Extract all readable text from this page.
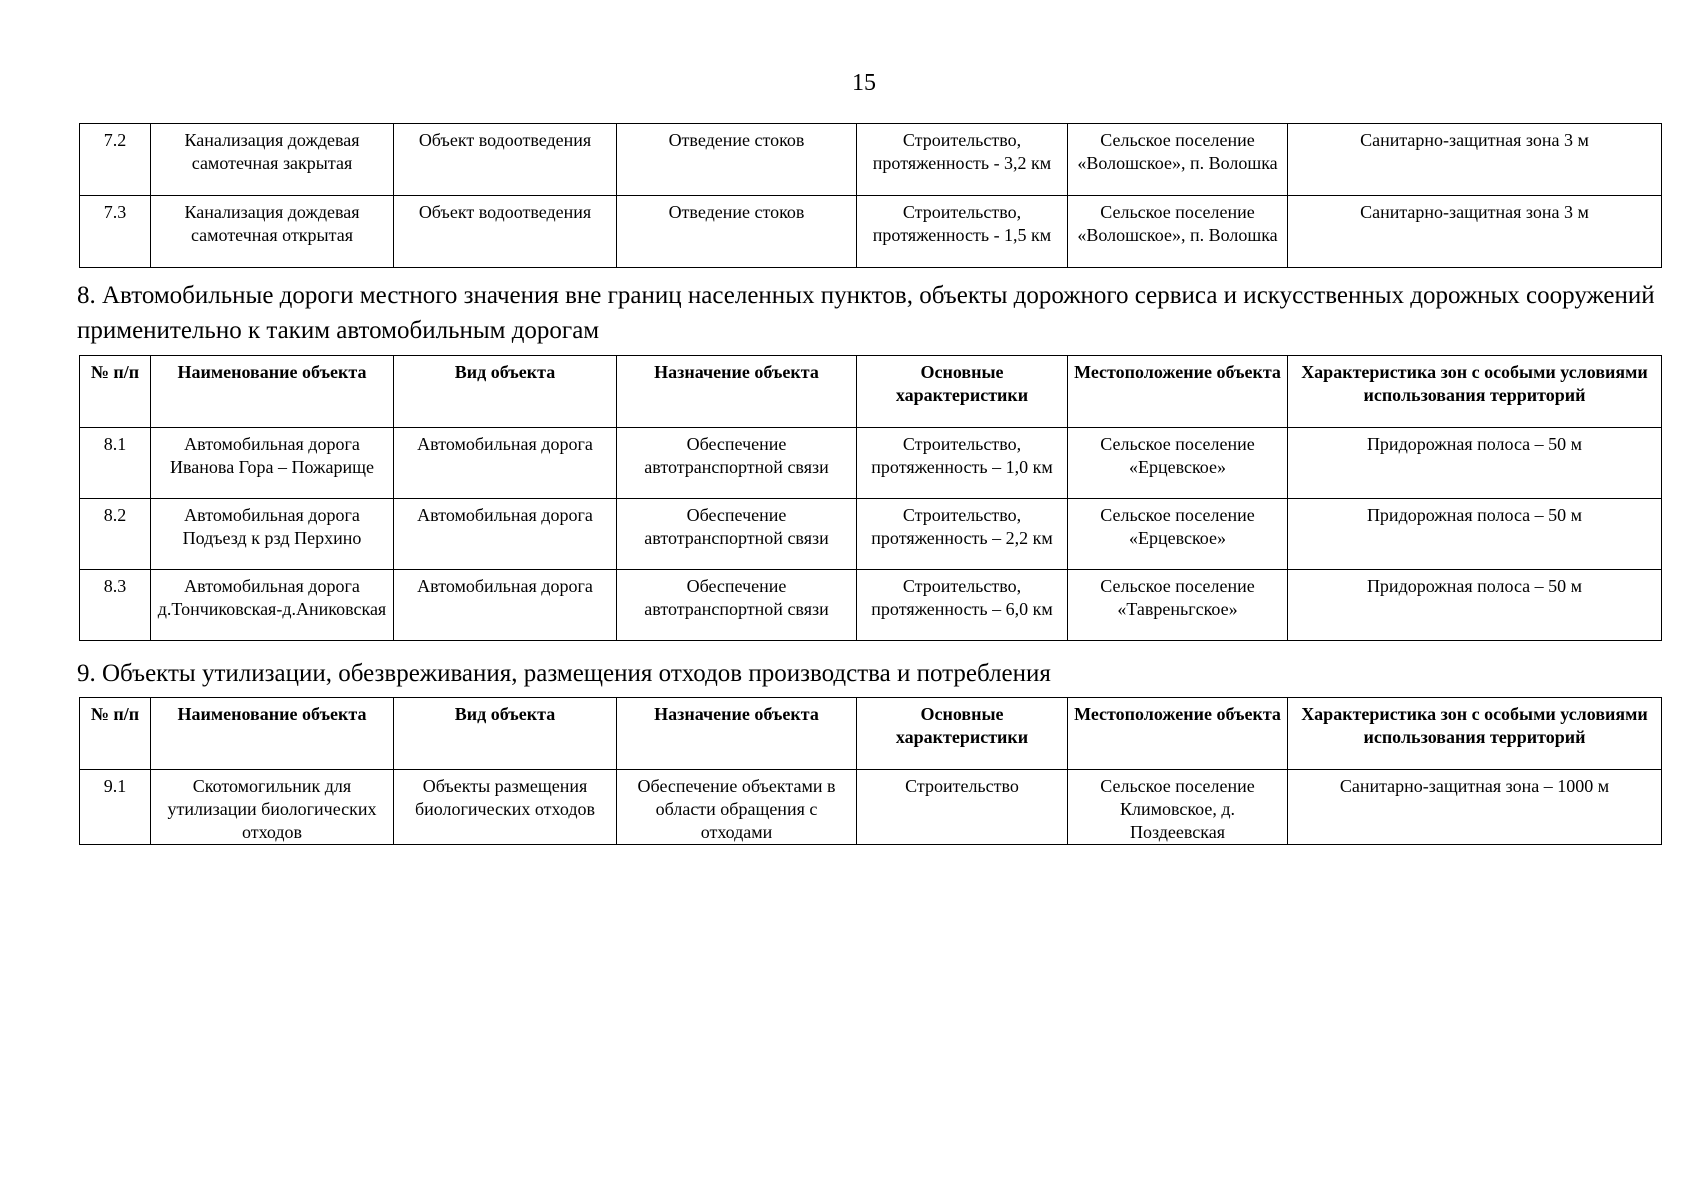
15
7.2	Канализация дождевая самотечная закрытая	Объект водоотведения	Отведение стоков	Строительство, протяженность - 3,2 км	Сельское поселение «Волошское», п. Волошка	Санитарно-защитная зона 3 м
7.3	Канализация дождевая самотечная открытая	Объект водоотведения	Отведение стоков	Строительство, протяженность - 1,5 км	Сельское поселение «Волошское», п. Волошка	Санитарно-защитная зона 3 м
8. Автомобильные дороги местного значения вне границ населенных пунктов, объекты дорожного сервиса и искусственных дорожных сооружений применительно к таким автомобильным дорогам
№ п/п	Наименование объекта	Вид объекта	Назначение объекта	Основные характеристики	Местоположение объекта	Характеристика зон с особыми условиями использования территорий
8.1	Автомобильная дорога Иванова Гора – Пожарище	Автомобильная дорога	Обеспечение автотранспортной связи	Строительство, протяженность – 1,0 км	Сельское поселение «Ерцевское»	Придорожная полоса – 50 м
8.2	Автомобильная дорога Подъезд к рзд Перхино	Автомобильная дорога	Обеспечение автотранспортной связи	Строительство, протяженность – 2,2 км	Сельское поселение «Ерцевское»	Придорожная полоса – 50 м
8.3	Автомобильная дорога д.Тончиковская-д.Аниковская	Автомобильная дорога	Обеспечение автотранспортной связи	Строительство, протяженность – 6,0 км	Сельское поселение «Тавреньгское»	Придорожная полоса – 50 м
9. Объекты утилизации, обезвреживания, размещения отходов производства и потребления
№ п/п	Наименование объекта	Вид объекта	Назначение объекта	Основные характеристики	Местоположение объекта	Характеристика зон с особыми условиями использования территорий
9.1	Скотомогильник для утилизации биологических отходов	Объекты размещения биологических отходов	Обеспечение объектами в области обращения с отходами	Строительство	Сельское поселение Климовское, д. Поздеевская	Санитарно-защитная зона – 1000 м
